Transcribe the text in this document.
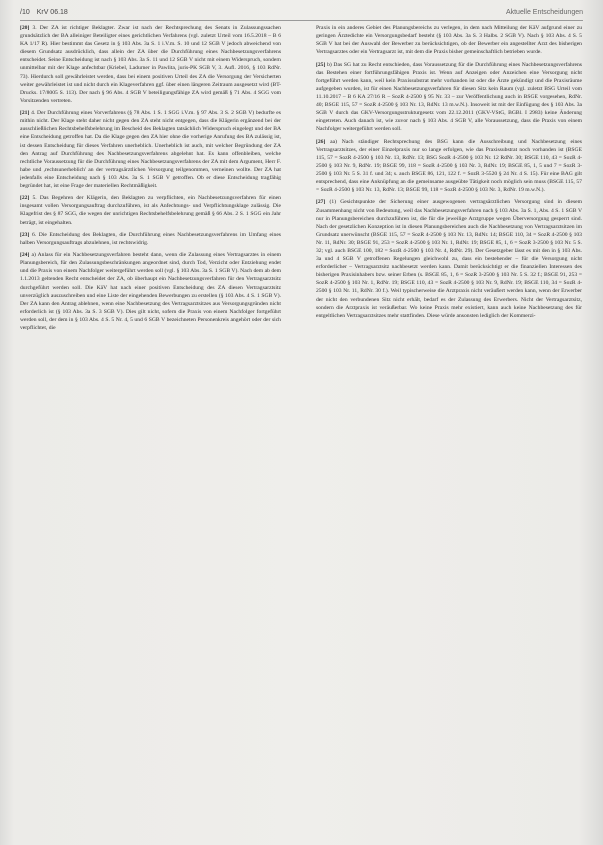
/10 KrV 06.18	Aktuelle Entscheidungen

[20] 3. Der ZA ist richtiger Beklagter. Zwar ist nach der Rechtsprechung des Senats in Zulassungssachen grundsätzlich der BA alleiniger Beteiligter eines gerichtlichen Verfahrens (vgl. zuletzt Urteil vom 16.5.2018 – B 6 KA 1/17 R). Hier bestimmt das Gesetz in § 103 Abs. 3a S. 1 i.V.m. S. 10 und 12 SGB V jedoch abweichend von diesem Grundsatz ausdrücklich, dass allein der ZA über die Durchführung eines Nachbesetzungsverfahrens entscheidet. Seine Entscheidung ist nach § 103 Abs. 3a S. 11 und 12 SGB V nicht mit einem Widerspruch, sondern unmittelbar mit der Klage anfechtbar (Kriebel, Ladurner in Pawlita, juris-PK SGB V, 3. Aufl. 2016, § 103 RdNr. 73). Hierdurch soll gewährleistet werden, dass bei einem positiven Urteil des ZA die Versorgung der Versicherten weiter gewährleistet ist und nicht durch ein Klageverfahren ggf. über einen längeren Zeitraum ausgesetzt wird (BT-Drucks. 17/8005 S. 113). Der nach § 96 Abs. 4 SGB V beteiligungsfähige ZA wird gemäß § 71 Abs. 4 SGG vom Vorsitzenden vertreten.

[21] 4. Der Durchführung eines Vorverfahrens (§ 78 Abs. 1 S. 1 SGG i.V.m. § 97 Abs. 3 S. 2 SGB V) bedurfte es mithin nicht. Der Klage steht daher nicht gegen den ZA steht nicht entgegen, dass die Klägerin ergänzend bei der ausschließlichen Rechtsbehelfsbelehrung im Bescheid des Beklagten tatsächlich Widerspruch eingelegt und der BA eine Entscheidung getroffen hat. Da die Klage gegen den ZA hier ohne die vorherige Anrufung des BA zulässig ist, ist dessen Entscheidung für dieses Verfahren unerheblich. Unerheblich ist auch, mit welcher Begründung der ZA den Antrag auf Durchführung des Nachbesetzungsverfahrens abgelehnt hat. Es kann offenbleiben, welche rechtliche Voraussetzung für die Durchführung eines Nachbesetzungsverfahrens der ZA mit dem Argument, Herr F. habe und ,rechtsunerheblich' an der vertragsärztlichen Versorgung teilgenommen, verneinen wollte. Der ZA hat jedenfalls eine Entscheidung nach § 103 Abs. 3a S. 1 SGB V getroffen. Ob er diese Entscheidung tragfähig begründet hat, ist eine Frage der materiellen Rechtmäßigkeit.

[22] 5. Das Begehren der Klägerin, den Beklagten zu verpflichten, ein Nachbesetzungsverfahren für einen insgesamt vollen Versorgungsauftrag durchzuführen, ist als Anfechtungs- und Verpflichtungsklage zulässig. Die Klagefrist des § 87 SGG, die wegen der unrichtigen Rechtsbehelfsbelehrung gemäß § 66 Abs. 2 S. 1 SGG ein Jahr beträgt, ist eingehalten.

[23] 6. Die Entscheidung des Beklagten, die Durchführung eines Nachbesetzungsverfahrens im Umfang eines halben Versorgungsauftrags abzulehnen, ist rechtswidrig.

[24] a) Anlass für ein Nachbesetzungsverfahren besteht dann, wenn die Zulassung eines Vertragsarztes in einem Planungsbereich, für den Zulassungsbeschränkungen angeordnet sind, durch Tod, Verzicht oder Entziehung endet und die Praxis von einem Nachfolger weitergeführt werden soll (vgl. § 103 Abs. 3a S. 1 SGB V). Nach dem ab dem 1.1.2013 geltenden Recht entscheidet der ZA, ob überhaupt ein Nachbesetzungsverfahren für den Vertragsarztsitz durchgeführt werden soll. Die KäV hat nach einer positiven Entscheidung des ZA diesen Vertragsarztsitz unverzüglich auszuschreiben und eine Liste der eingehenden Bewerbungen zu erstellen (§ 103 Abs. 4 S. 1 SGB V). Der ZA kann den Antrag ablehnen, wenn eine Nachbesetzung des Vertragsarztsitzes aus Versorgungsgründen nicht erforderlich ist (§ 103 Abs. 3a S. 3 SGB V). Dies gilt nicht, sofern die Praxis von einem Nachfolger fortgeführt werden soll, der dem in § 103 Abs. 4 S. 5 Nr. 4, 5 und 6 SGB V bezeichneten Personenkreis angehört oder der sich verpflichtet, die

Praxis in ein anderes Gebiet des Planungsbereichs zu verlegen, in dem nach Mitteilung der KäV aufgrund einer zu geringen Ärztedichte ein Versorgungsbedarf besteht (§ 103 Abs. 3a S. 3 Halbs. 2 SGB V). Nach § 103 Abs. 4 S. 5 SGB V hat bei der Auswahl der Bewerber zu berücksichtigen, ob der Bewerber ein angestellter Arzt des bisherigen Vertragsarztes oder ein Vertragsarzt ist, mit dem die Praxis bisher gemeinschaftlich betrieben wurde.

[25] b) Das SG hat zu Recht entschieden, dass Voraussetzung für die Durchführung eines Nachbesetzungsverfahrens das Bestehen einer fortführungsfähigen Praxis ist. Wenn auf Anzeigen oder Anzeichen eine Versorgung nicht fortgeführt werden kann, weil kein Praxissubstrat mehr vorhanden ist oder die Ärzte gekündigt und die Praxisräume aufgegeben wurden, ist für einen Nachbesetzungsverfahren für diesen Sitz kein Raum (vgl. zuletzt BSG Urteil vom 11.10.2017 – B 6 KA 27/16 R – SozR 4-2500 § 95 Nr. 33 – zur Veröffentlichung auch in BSGE vorgesehen, RdNr. 40; BSGE 115, 57 = SozR 4-2500 § 103 Nr. 13, RdNr. 13 m.w.N.). Insoweit ist mit der Einfügung des § 103 Abs. 3a SGB V durch das GKV-Versorgungsstrukturgesetz vom 22.12.2011 (GKV-VStG, BGBl. I 2983) keine Änderung eingetreten. Auch danach ist, wie zuvor nach § 103 Abs. 4 SGB V, alle Voraussetzung, dass die Praxis von einem Nachfolger weitergeführt werden soll.

[26] aa) Nach ständiger Rechtsprechung des BSG kann die Ausschreibung und Nachbesetzung eines Vertragsarztsitzes, der einer Einzelpraxis nur so lange erfolgen, wie das Praxissubstrat noch vorhanden ist (BSGE 115, 57 = SozR 4-2500 § 103 Nr. 13, RdNr. 13; BSG SozR 4-2500 § 103 Nr. 12 RdNr. 30; BSGE 110, 43 = SozR 4-2500 § 103 Nr. 9, RdNr. 19; BSGE 99, 118 = SozR 4-2500 § 103 Nr. 3, RdNr. 19; BSGE 85, 1, 5 und 7 = SozR 3-2500 § 103 Nr. 5 S. 31 f. und 34; s. auch BSGE 86, 121, 122 f. = SozR 3-5520 § 24 Nr. 4 S. 15). Für eine BAG gilt entsprechend, dass eine Anknüpfung an die gemeinsame ausgeübte Tätigkeit noch möglich sein muss (BSGE 115, 57 = SozR 4-2500 § 103 Nr. 13, RdNr. 13; BSGE 99, 118 = SozR 4-2500 § 103 Nr. 3, RdNr. 19 m.w.N.).

[27] (1) Gesichtspunkte der Sicherung einer ausgewogenen vertragsärztlichen Versorgung sind in diesem Zusammenhang nicht von Bedeutung, weil das Nachbesetzungsverfahren nach § 103 Abs. 3a S. 1, Abs. 4 S. 1 SGB V nur in Planungsbereichen durchzuführen ist, die für die jeweilige Arztgruppe wegen Überversorgung gesperrt sind. Nach der gesetzlichen Konzeption ist in diesen Planungsbereichen auch die Nachbesetzung von Vertragsarztsitzen im Grundsatz unerwünscht (BSGE 115, 57 = SozR 4-2500 § 103 Nr. 13, RdNr. 14; BSGE 110, 34 = SozR 4-2500 § 103 Nr. 11, RdNr. 30; BSGE 91, 253 = SozR 4-2500 § 103 Nr. 1, RdNr. 19; BSGE 85, 1, 6 = SozR 3-2500 § 103 Nr. 5 S. 32; vgl. auch BSGE 100, 182 = SozR 4-2500 § 103 Nr. 4, RdNr. 29). Der Gesetzgeber lässt es mit den in § 103 Abs. 3a und 4 SGB V getroffenen Regelungen gleichwohl zu, dass ein bestehender – für die Versorgung nicht erforderlicher – Vertragsarztsitz nachbesetzt werden kann. Damit berücksichtigt er die finanziellen Interessen des bisherigen Praxisinhabers bzw. seiner Erben (s. BSGE 85, 1, 6 = SozR 3-2500 § 103 Nr. 5 S. 32 f.; BSGE 91, 253 = SozR 4-2500 § 103 Nr. 1, RdNr. 19; BSGE 110, 43 = SozR 4-2500 § 103 Nr. 9, RdNr. 19; BSGE 110, 34 = SozR 4-2500 § 103 Nr. 11, RdNr. 30 f.). Weil typischerweise die Arztpraxis nicht veräußert werden kann, wenn der Erwerber der nicht den verbundenen Sitz nicht erhält, bedarf es der Zulassung des Erwerbers. Nicht der Vertragsarztsitz, sondern die Arztpraxis ist veräußerbar. Wo keine Praxis mehr existiert, kann auch keine Nachbesetzung des für entgeltlichen Vertragsarztsitzes mehr stattfinden. Diese würde ansonsten lediglich der Kommerzi-
